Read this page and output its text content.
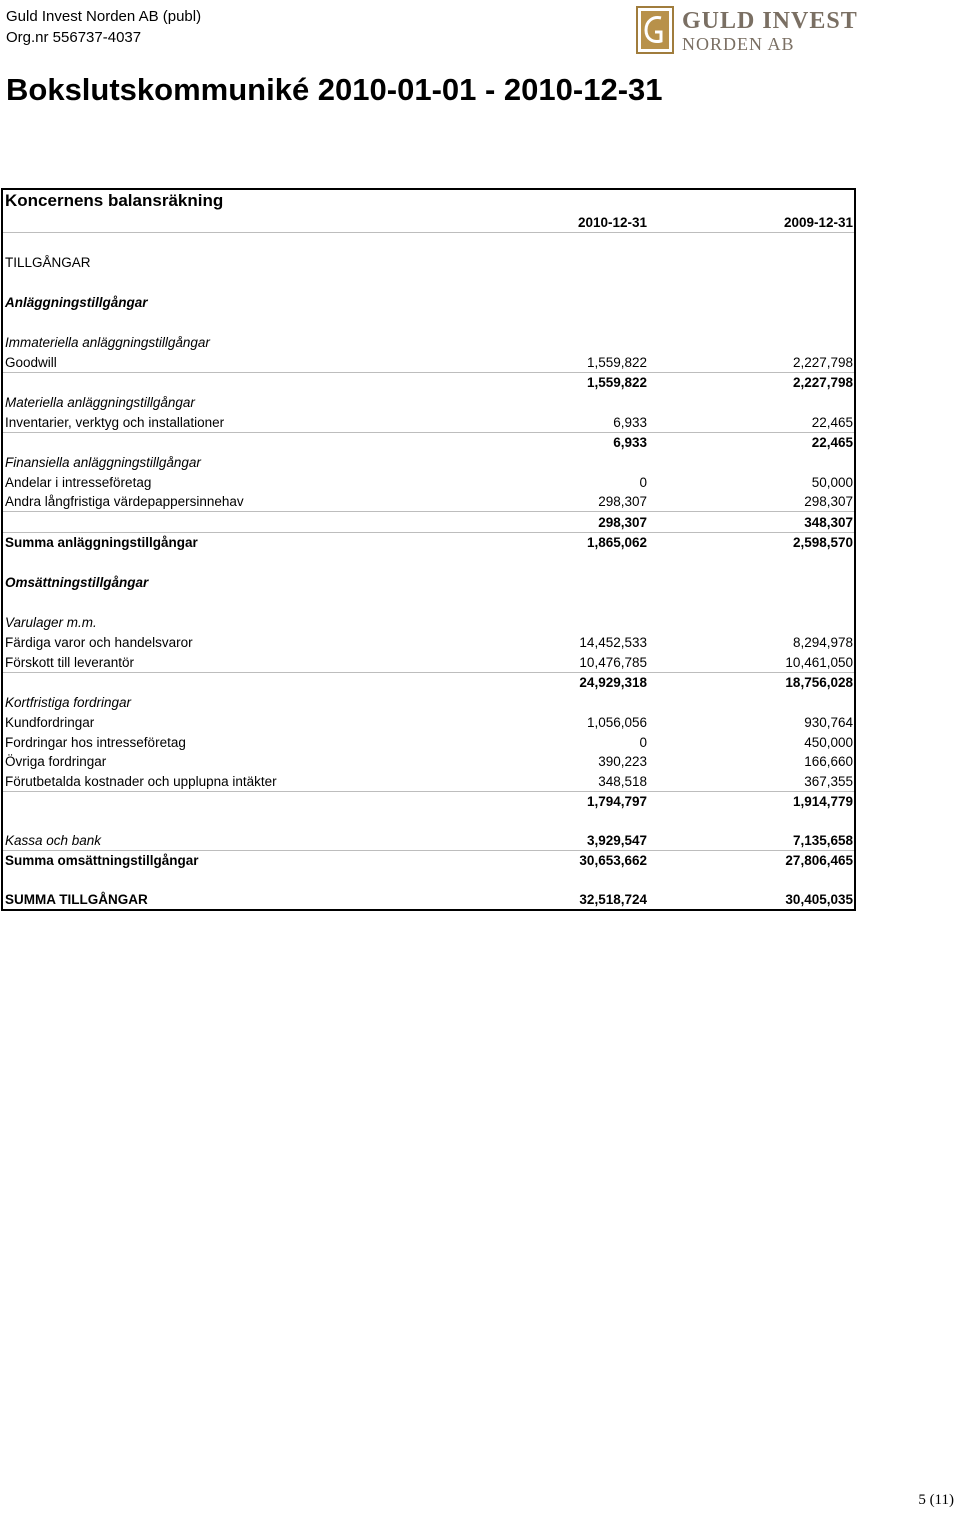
Guld Invest Norden AB (publ)
Org.nr 556737-4037
GULD INVEST
NORDEN AB
Bokslutskommuniké 2010-01-01 - 2010-12-31
Koncernens balansräkning
2010-12-31	2009-12-31
TILLGÅNGAR
Anläggningstillgångar
Immateriella anläggningstillgångar
Goodwill	1,559,822	2,227,798
1,559,822	2,227,798
Materiella anläggningstillgångar
Inventarier, verktyg och installationer	6,933	22,465
6,933	22,465
Finansiella anläggningstillgångar
Andelar i intresseföretag	0	50,000
Andra långfristiga värdepappersinnehav	298,307	298,307
298,307	348,307
Summa anläggningstillgångar	1,865,062	2,598,570
Omsättningstillgångar
Varulager m.m.
Färdiga varor och handelsvaror	14,452,533	8,294,978
Förskott till leverantör	10,476,785	10,461,050
24,929,318	18,756,028
Kortfristiga fordringar
Kundfordringar	1,056,056	930,764
Fordringar hos intresseföretag	0	450,000
Övriga fordringar	390,223	166,660
Förutbetalda kostnader och upplupna intäkter	348,518	367,355
1,794,797	1,914,779
Kassa och bank	3,929,547	7,135,658
Summa omsättningstillgångar	30,653,662	27,806,465
SUMMA TILLGÅNGAR	32,518,724	30,405,035
5 (11)
